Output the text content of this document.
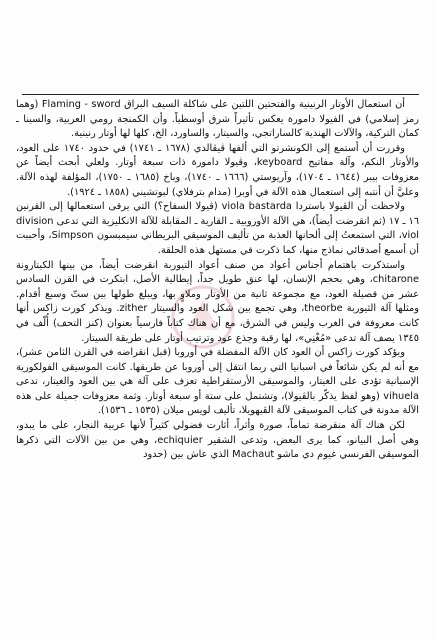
أن استعمال الأوتار الرنينية والفتحتين اللتين على شاكلة السيف البراق Flaming - sword (وهما رمز إسلامي) في الفيولا دامورة يعكس تأثيراً شرق أوسطياً. وأن الكمنجة رومي العربية، والسينا ـ كمان التركية، والآلات الهندية كالساراتجي، والسيتار، والساورد، الخ، كلها لها أوتار رنينية.

وقررت أن أستمع إلى الكونشرتو التي ألفها ڤيڤالدي (١٦٧٨ ـ ١٧٤١) في حدود ١٧٤٠ على العود، والأوتار النكم، وآلة مفاتيح keyboard، وڤيولا دامورة ذات سبعة أوتار. ولعلي أبحث أيضاً عن معزوفات بيبر (١٦٤٤ ـ ١٧٠٤)، وآريوستي (١٦٦٦ ـ ١٧٤٠)، وباخ (١٦٨٥ ـ ١٧٥٠)، المؤلفة لهذه الآلة. وعليَّ أن أنتبه إلى استعمال هذه الآلة في أوبرا (مدام بترفلاي) لبوتشيني (١٨٥٨ ـ ١٩٢٤).

ولاحظت أن الڤيولا باستردا viola bastarda (ڤيولا السفاح؟) التي يرقى استعمالها إلى القرنين ١٦ ـ ١٧ (ثم انقرضت أيضاً)، هي الآلة الأوروبية ـ القارية ـ المقابلة للآلة الانكليزية التي تدعى division viol، التي استمعتُ إلى ألحانها العذبة من تأليف الموسيقي البريطاني سيمبسون Simpson، وأحببت أن أسمع أصدقائي نماذج منها، كما ذكرت في مستهل هذه الحلقة.

واستذكرت باهتمام أجناس أعواد من صنف أعواد التيوربة انقرضت أيضاً، من بينها الكيتارونة chitarone، وهي بحجم الإنسان، لها عنق طويل جداً، إيطالية الأصل، ابتكرت في القرن السادس عشر من قصيلة العود، مع مجموعة ثانية من الأوتار وملاوٍ بها، ويبلغ طولها بين ستّ وسبع أقدام. ومثلها آلة الثيوربة theorbe، وهي تجمع بين شكل العود والسيتار zither. ويذكر كورت زاكس أنها كانت معروفة في الغرب وليس في الشرق، مع أن هناك كتاباً فارسياً بعنوان (كنز التحف) أُلّف في ١٣٤٥ يصف آلة تدعى «مُغْنِي»، لها رقبة وجذع عود وترتيب أوتار على طريقة السيتار.

ويؤكد كورت زاكس أن العود كان الآلة المفضلة في أوروبا (قبل انقراضه في القرن الثامن عشر)، مع أنه لم يكن شائعاً في اسبانيا التي ربما انتقل إلى أوروبا عن طريقها. كانت الموسيقى الفولكورية الإسبانية تؤدى على الغيتار، والموسيقى الأرستقراطية تعزف على آلة هي بين العود والغيتار، تدعى vihuela (وهو لفظ يذكّر بالڤيولا)، وتشتمل على ستة أو سبعة أوتار. وثمة معزوفات جميلة على هذه الآلة مدونة في كتاب الموسيقى لآلة الڤيهويلا، تأليف لويس ميلان (١٥٣٥ ـ ١٥٣٦).

لكن هناك آلة منقرضة تماماً، صورة وأثراً، أثارت فضولي كثيراً لأنها عربية النجار، على ما يبدو، وهي أصل البيانو، كما يرى البعض، وتدعى الشقير echiquier، وهي من بين الآلات التي ذكرها الموسيقي الفرنسي غيوم دي ماشو Machaut الذي عاش بين (حدود
